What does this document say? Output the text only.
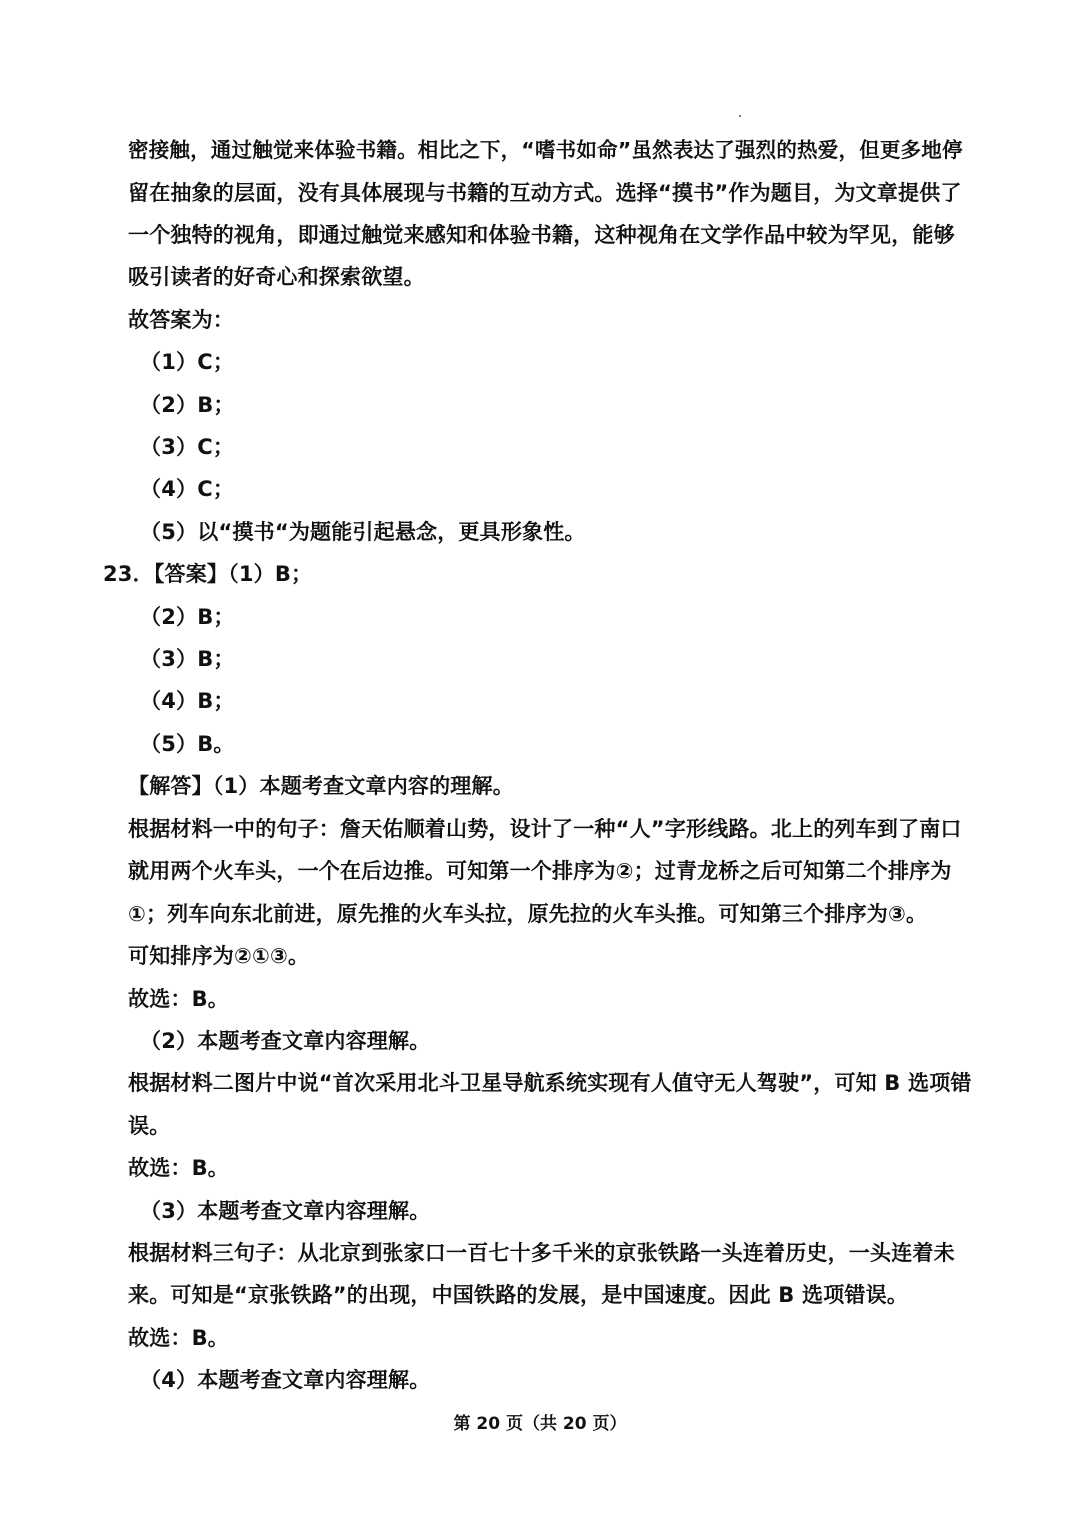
密接触，通过触觉来体验书籍。相比之下，“嗜书如命”虽然表达了强烈的热爱，但更多地停
留在抽象的层面，没有具体展现与书籍的互动方式。选择“摸书”作为题目，为文章提供了
一个独特的视角，即通过触觉来感知和体验书籍，这种视角在文学作品中较为罕见，能够
吸引读者的好奇心和探索欲望。
故答案为：
（1）C；
（2）B；
（3）C；
（4）C；
（5）以“摸书“为题能引起悬念，更具形象性。
23．【答案】（1）B；
（2）B；
（3）B；
（4）B；
（5）B。
【解答】（1）本题考查文章内容的理解。
根据材料一中的句子：詹天佑顺着山势，设计了一种“人”字形线路。北上的列车到了南口
就用两个火车头，一个在后边推。可知第一个排序为②；过青龙桥之后可知第二个排序为
①；列车向东北前进，原先推的火车头拉，原先拉的火车头推。可知第三个排序为③。
可知排序为②①③。
故选：B。
（2）本题考查文章内容理解。
根据材料二图片中说“首次采用北斗卫星导航系统实现有人值守无人驾驶”，可知 B 选项错
误。
故选：B。
（3）本题考查文章内容理解。
根据材料三句子：从北京到张家口一百七十多千米的京张铁路一头连着历史，一头连着未
来。可知是“京张铁路”的出现，中国铁路的发展，是中国速度。因此 B 选项错误。
故选：B。
（4）本题考查文章内容理解。
第 20 页（共 20 页）
